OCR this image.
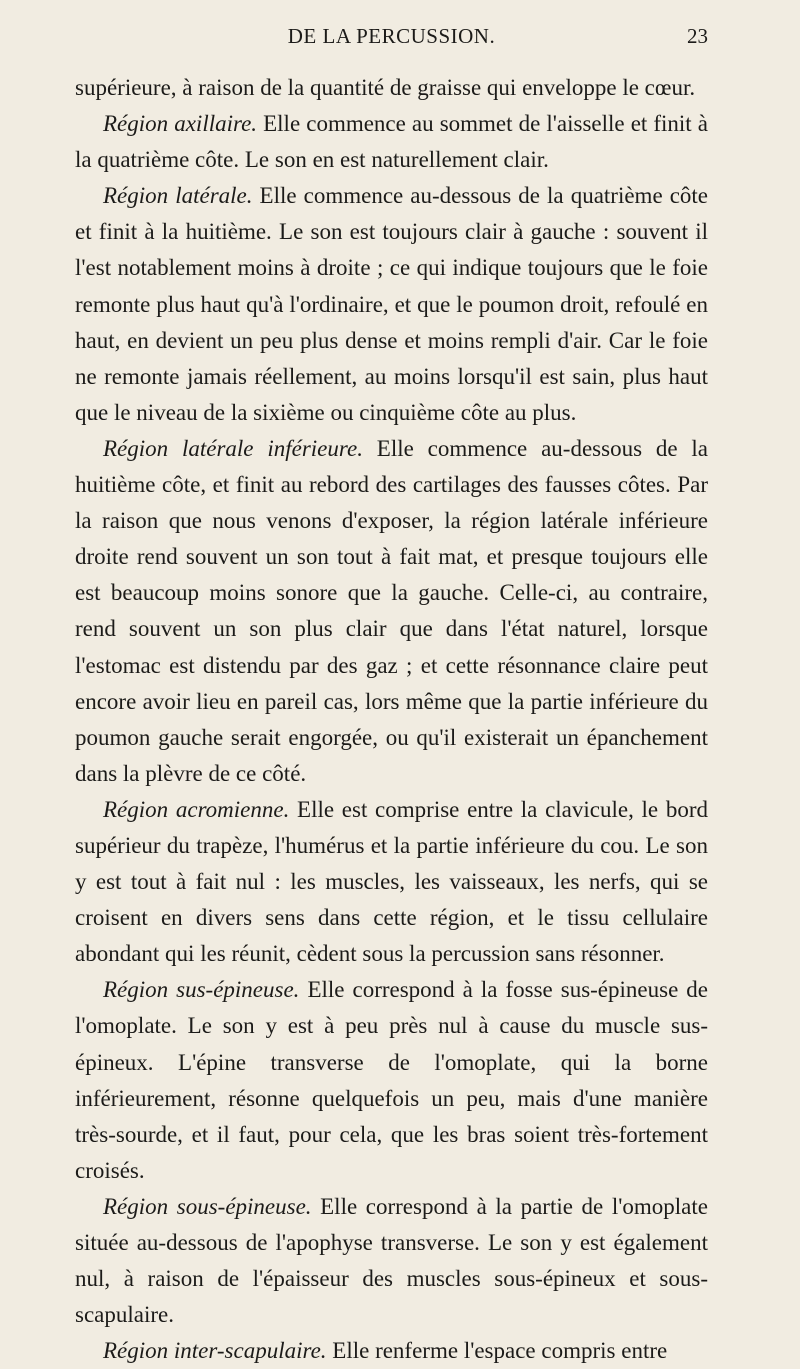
DE LA PERCUSSION.	23

supérieure, à raison de la quantité de graisse qui enveloppe le cœur.

Région axillaire. Elle commence au sommet de l'aisselle et finit à la quatrième côte. Le son en est naturellement clair.

Région latérale. Elle commence au-dessous de la quatrième côte et finit à la huitième. Le son est toujours clair à gauche : souvent il l'est notablement moins à droite ; ce qui indique toujours que le foie remonte plus haut qu'à l'ordinaire, et que le poumon droit, refoulé en haut, en devient un peu plus dense et moins rempli d'air. Car le foie ne remonte jamais réellement, au moins lorsqu'il est sain, plus haut que le niveau de la sixième ou cinquième côte au plus.

Région latérale inférieure. Elle commence au-dessous de la huitième côte, et finit au rebord des cartilages des fausses côtes. Par la raison que nous venons d'exposer, la région latérale inférieure droite rend souvent un son tout à fait mat, et presque toujours elle est beaucoup moins sonore que la gauche. Celle-ci, au contraire, rend souvent un son plus clair que dans l'état naturel, lorsque l'estomac est distendu par des gaz ; et cette résonnance claire peut encore avoir lieu en pareil cas, lors même que la partie inférieure du poumon gauche serait engorgée, ou qu'il existerait un épanchement dans la plèvre de ce côté.

Région acromienne. Elle est comprise entre la clavicule, le bord supérieur du trapèze, l'humérus et la partie inférieure du cou. Le son y est tout à fait nul : les muscles, les vaisseaux, les nerfs, qui se croisent en divers sens dans cette région, et le tissu cellulaire abondant qui les réunit, cèdent sous la percussion sans résonner.

Région sus-épineuse. Elle correspond à la fosse sus-épineuse de l'omoplate. Le son y est à peu près nul à cause du muscle sus-épineux. L'épine transverse de l'omoplate, qui la borne inférieurement, résonne quelquefois un peu, mais d'une manière très-sourde, et il faut, pour cela, que les bras soient très-fortement croisés.

Région sous-épineuse. Elle correspond à la partie de l'omoplate située au-dessous de l'apophyse transverse. Le son y est également nul, à raison de l'épaisseur des muscles sous-épineux et sous-scapulaire.

Région inter-scapulaire. Elle renferme l'espace compris entre
